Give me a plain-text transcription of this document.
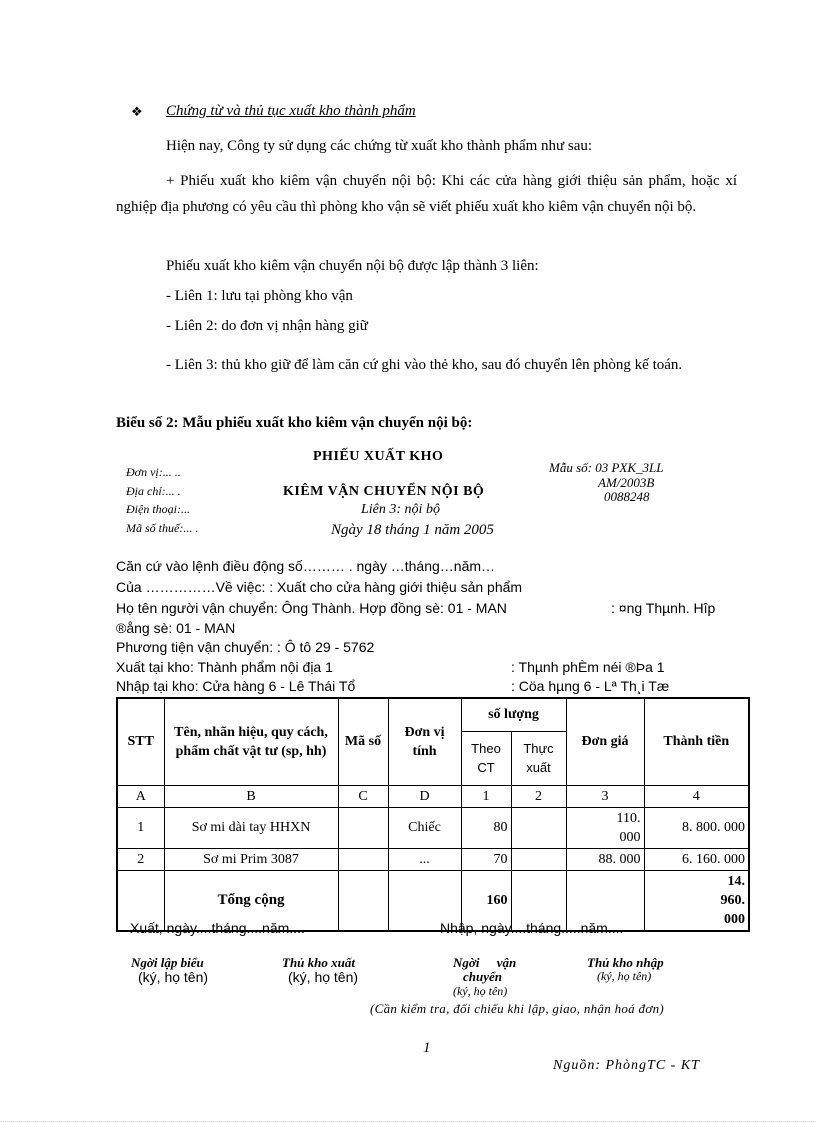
❖ Chứng từ và thủ tục xuất kho thành phẩm
Hiện nay, Công ty sử dụng các chứng từ xuất kho thành phẩm như sau:
+ Phiếu xuất kho kiêm vận chuyển nội bộ: Khi các cửa hàng giới thiệu sản phẩm, hoặc xí nghiệp địa phương có yêu cầu thì phòng kho vận sẽ viết phiếu xuất kho kiêm vận chuyển nội bộ.
Phiếu xuất kho kiêm vận chuyển nội bộ được lập thành 3 liên:
- Liên 1: lưu tại phòng kho vận
- Liên 2: do đơn vị nhận hàng giữ
- Liên 3: thủ kho giữ để làm căn cứ ghi vào thẻ kho, sau đó chuyển lên phòng kế toán.
Biểu số 2: Mẫu phiếu xuất kho kiêm vận chuyển nội bộ:
PHIẾU XUẤT KHO
KIÊM VẬN CHUYỂN NỘI BỘ
Liên 3: nội bộ
Ngày 18 tháng 1 năm 2005
Đơn vị:... ..
Địa chỉ:... .
Điện thoại:...
Mã số thuế:... .
Mẫu số: 03 PXK_3LL
AM/2003B
0088248
Căn cứ vào lệnh điều động số……… . ngày …tháng…năm…
Của ……………Về việc: : Xuất cho cửa hàng giới thiệu sản phẩm
Họ tên người vận chuyển: Ông Thành. Hợp đồng sè: 01 - MAN	: ¤ng Thµnh. Hîp
®ång sè: 01 - MAN
Phương tiện vận chuyển: : Ô tô 29 - 5762
Xuất tại kho: Thành phẩm nội địa 1	: Thµnh phÈm néi ®Þa 1
Nhập tại kho: Cửa hàng 6 - Lê Thái Tổ	: Cöa hµng 6 - Lª Th¸i Tæ
STT	Tên, nhãn hiệu, quy cách, phẩm chất vật tư (sp, hh)	Mã số	Đơn vị tính	số lượng		Đơn giá	Thành tiền
				Theo CT	Thực xuất		
A	B	C	D	1	2	3	4
1	Sơ mi dài tay HHXN		Chiếc	80		110. 000	8. 800. 000
2	Sơ mi Prim 3087		...	70		88. 000	6. 160. 000
	Tổng cộng			160			14. 960. 000
Xuất, ngày....tháng....năm....	Nhập, ngày....tháng.....năm....
Ngời lập biểu
(ký, họ tên)
Thủ kho xuất
(ký, họ tên)
Ngời vận
chuyển
(ký, họ tên)
Thủ kho nhập
(ký, họ tên)
(Cần kiểm tra, đối chiếu khi lập, giao, nhận hoá đơn)
1
Nguồn: PhòngTC - KT
